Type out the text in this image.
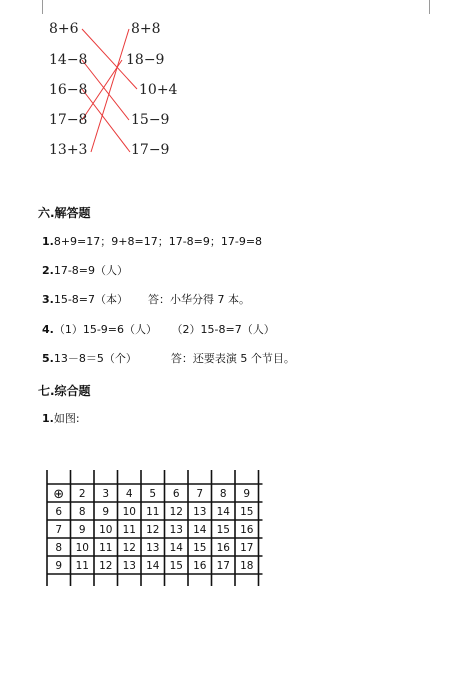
8+6
14−8
16−8
17−8
13+3
8+8
18−9
10+4
15−9
17−9
六.解答题
1.8+9=17；9+8=17；17-8=9；17-9=8
2.17-8=9（人）
3.15-8=7（本） 答：小华分得 7 本。
4.（1）15-9=6（人） （2）15-8=7（人）
5.13－8＝5（个）	答：还要表演 5 个节目。
七.综合题
1.如图:
⊕ 2 3 4 5 6 7 8 9
6 8 9 10 11 12 13 14 15
7 9 10 11 12 13 14 15 16
8 10 11 12 13 14 15 16 17
9 11 12 13 14 15 16 17 18
